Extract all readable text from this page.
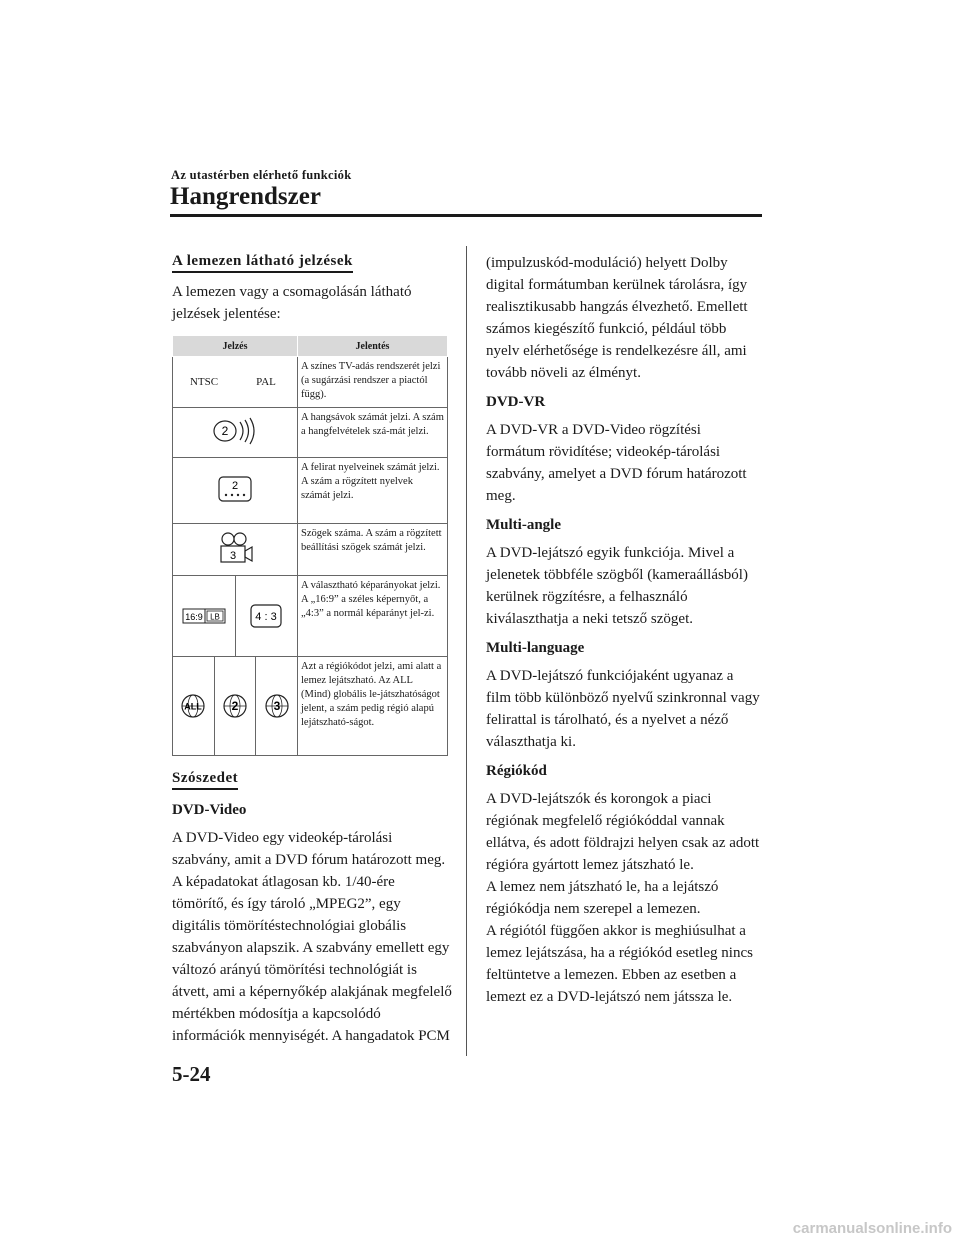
Az utastérben elérhető funkciók
Hangrendszer

A lemezen látható jelzések

A lemezen vagy a csomagolásán látható jelzések jelentése:

Jelzés	Jelentés

NTSC PAL	A színes TV-adás rendszerét jelzi (a sugárzási rendszer a piactól függ).

2	A hangsávok számát jelzi. A szám a hangfelvételek szá-mát jelzi.

2	A felirat nyelveinek számát jelzi. A szám a rögzített nyelvek számát jelzi.

3	Szögek száma. A szám a rögzített beállítási szögek számát jelzi.

16:9 LB 4 : 3	A választható képarányokat jelzi. A „16:9” a széles képernyőt, a „4:3” a normál képarányt jel-zi.

ALL 2 3	Azt a régiókódot jelzi, ami alatt a lemez lejátszható. Az ALL (Mind) globális le-játszhatóságot jelent, a szám pedig régió alapú lejátszható-ságot.

Szószedet

DVD-Video

A DVD-Video egy videokép-tárolási szabvány, amit a DVD fórum határozott meg.

A képadatokat átlagosan kb. 1/40-ére tömörítő, és így tároló „MPEG2”, egy digitális tömörítéstechnológiai globális szabványon alapszik. A szabvány emellett egy változó arányú tömörítési technológiát is átvett, ami a képernyőkép alakjának megfelelő mértékben módosítja a kapcsolódó információk mennyiségét. A hangadatok PCM

(impulzuskód-moduláció) helyett Dolby digital formátumban kerülnek tárolásra, így realisztikusabb hangzás élvezhető. Emellett számos kiegészítő funkció, például több nyelv elérhetősége is rendelkezésre áll, ami tovább növeli az élményt.

DVD-VR

A DVD-VR a DVD-Video rögzítési formátum rövidítése; videokép-tárolási szabvány, amelyet a DVD fórum határozott meg.

Multi-angle

A DVD-lejátszó egyik funkciója. Mivel a jelenetek többféle szögből (kameraállásból) kerülnek rögzítésre, a felhasználó kiválaszthatja a neki tetsző szöget.

Multi-language

A DVD-lejátszó funkciójaként ugyanaz a film több különböző nyelvű szinkronnal vagy felirattal is tárolható, és a nyelvet a néző választhatja ki.

Régiókód

A DVD-lejátszók és korongok a piaci régiónak megfelelő régiókóddal vannak ellátva, és adott földrajzi helyen csak az adott régióra gyártott lemez játszható le.

A lemez nem játszható le, ha a lejátszó régiókódja nem szerepel a lemezen.

A régiótól függően akkor is meghiúsulhat a lemez lejátszása, ha a régiókód esetleg nincs feltüntetve a lemezen. Ebben az esetben a lemezt ez a DVD-lejátszó nem játssza le.

5-24
carmanualsonline.info
